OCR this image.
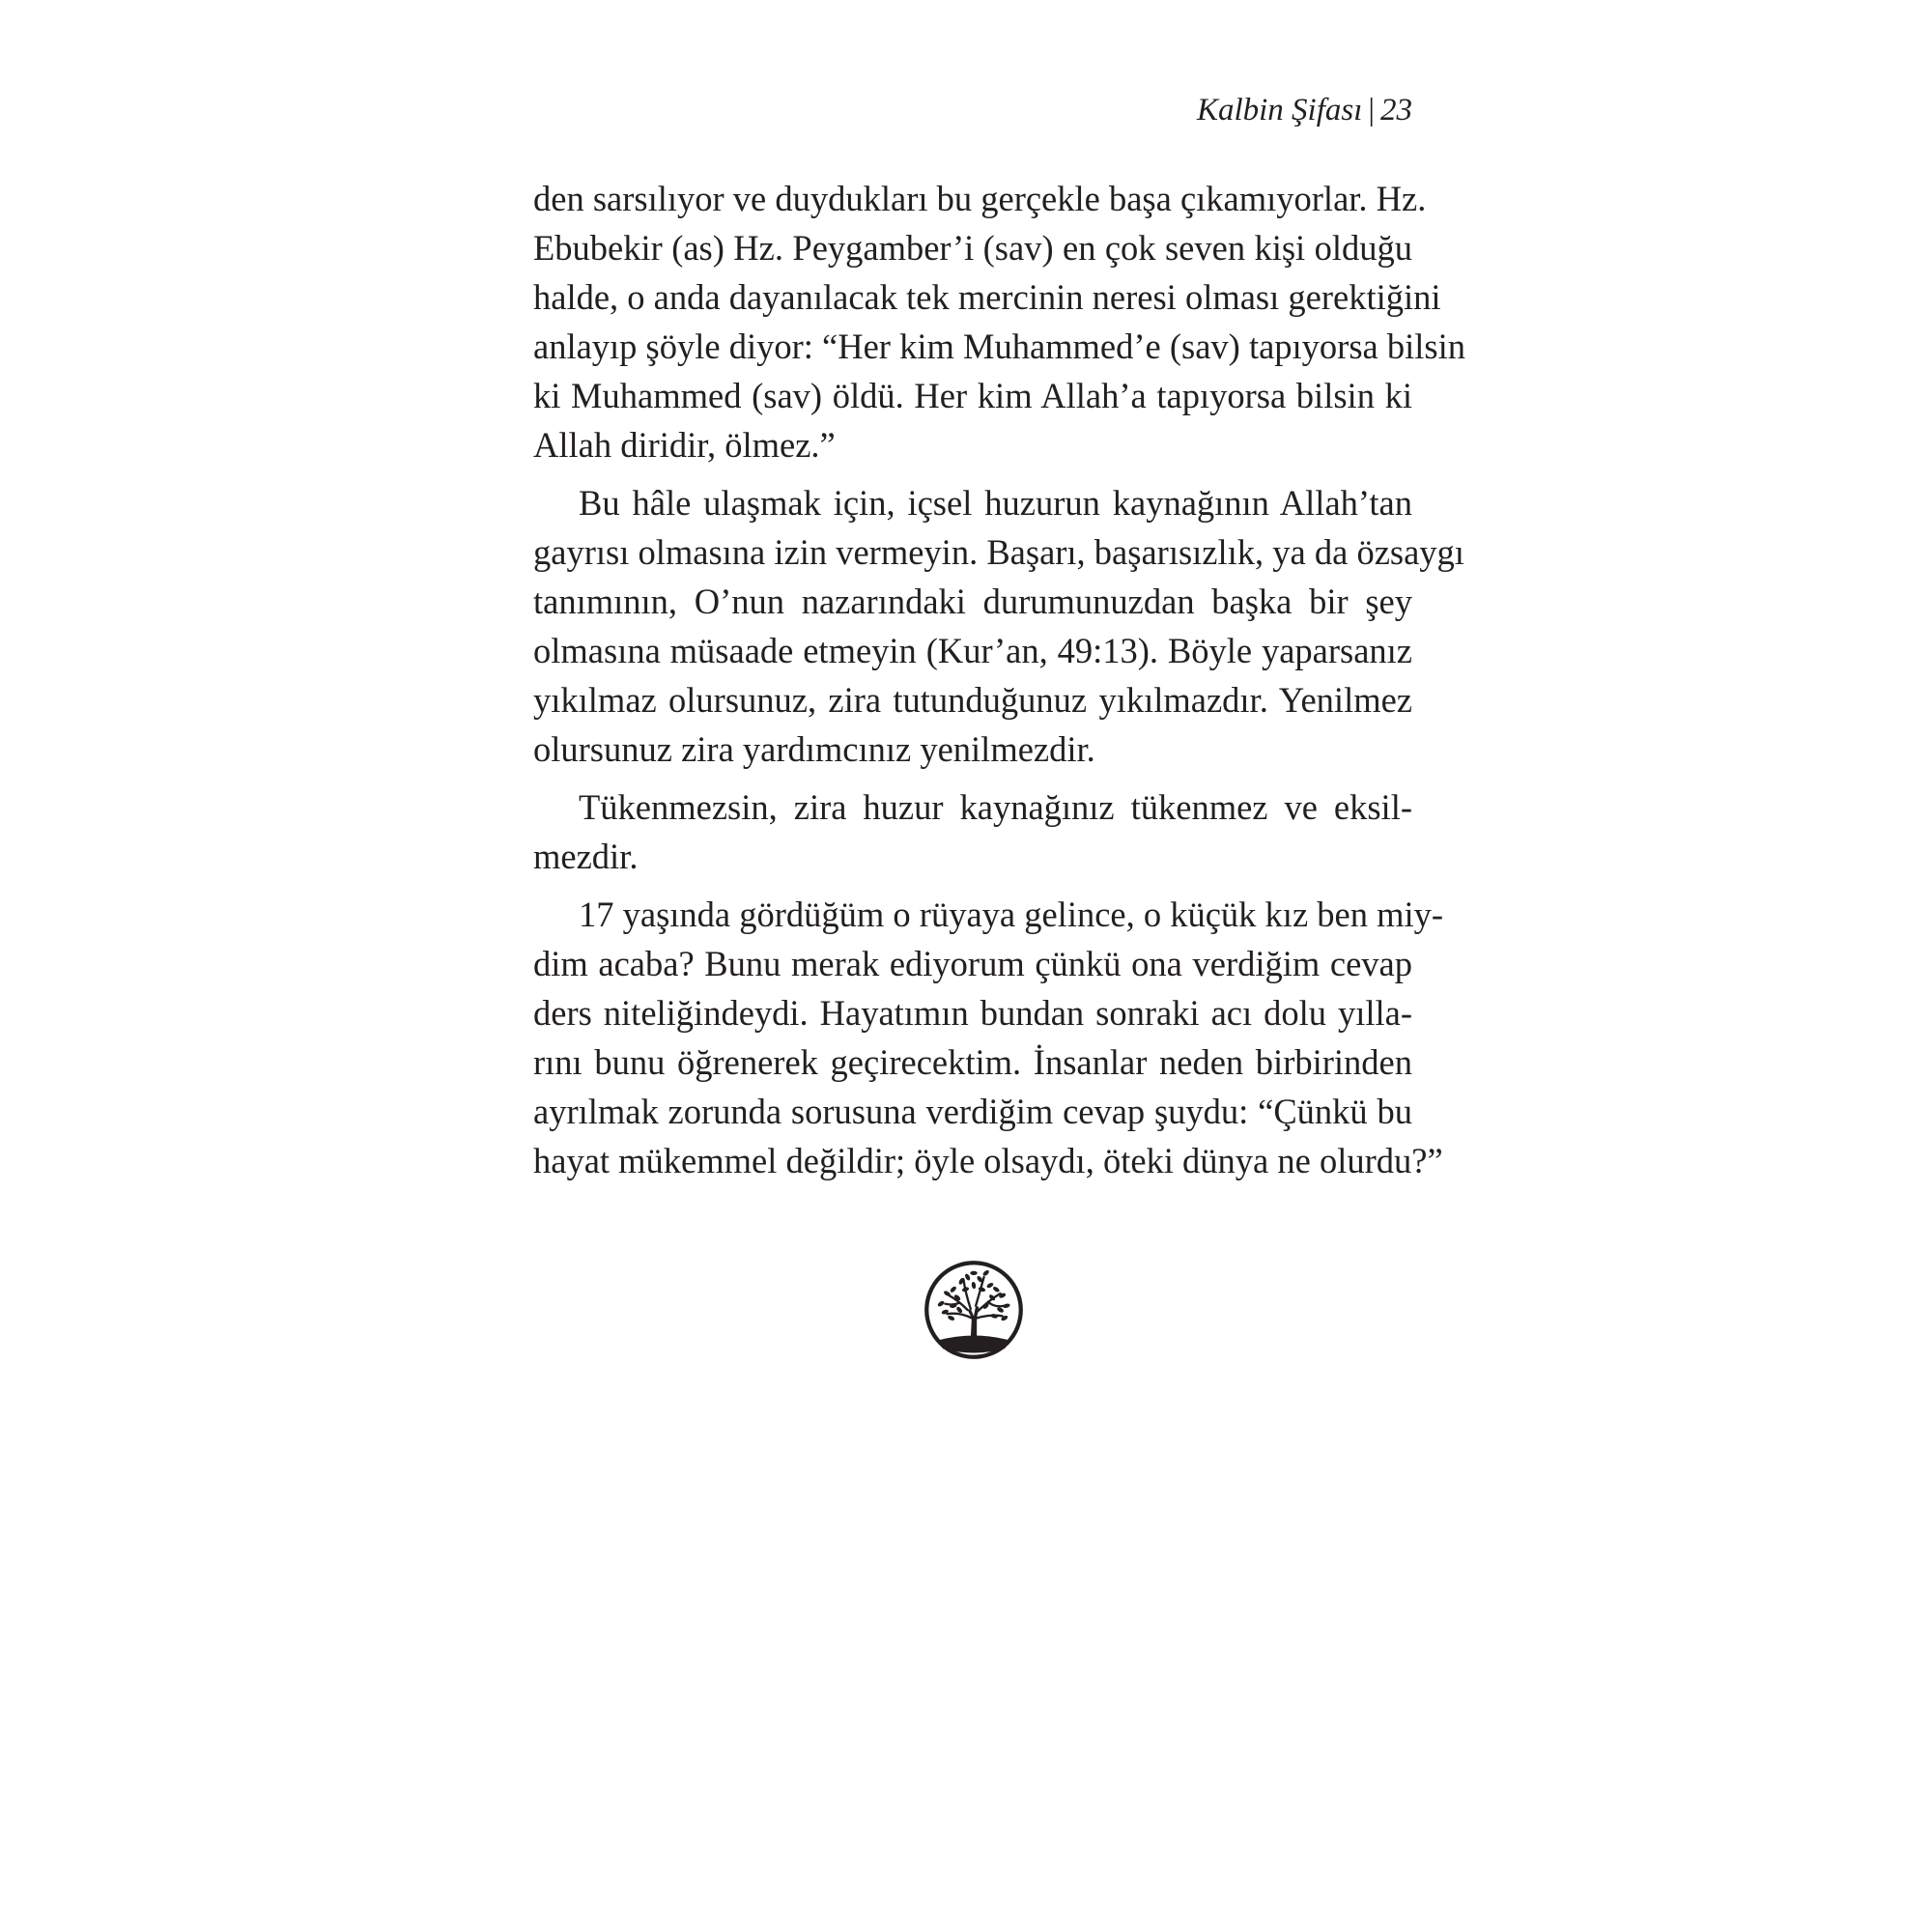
Kalbin Şifası | 23
den sarsılıyor ve duydukları bu gerçekle başa çıkamıyorlar. Hz.
Ebubekir (as) Hz. Peygamber’i (sav) en çok seven kişi olduğu
halde, o anda dayanılacak tek mercinin neresi olması gerektiğini
anlayıp şöyle diyor: “Her kim Muhammed’e (sav) tapıyorsa bilsin
ki Muhammed (sav) öldü. Her kim Allah’a tapıyorsa bilsin ki
Allah diridir, ölmez.”
Bu hâle ulaşmak için, içsel huzurun kaynağının Allah’tan
gayrısı olmasına izin vermeyin. Başarı, başarısızlık, ya da özsaygı
tanımının, O’nun nazarındaki durumunuzdan başka bir şey
olmasına müsaade etmeyin (Kur’an, 49:13). Böyle yaparsanız
yıkılmaz olursunuz, zira tutunduğunuz yıkılmazdır. Yenilmez
olursunuz zira yardımcınız yenilmezdir.
Tükenmezsin, zira huzur kaynağınız tükenmez ve eksil-
mezdir.
17 yaşında gördüğüm o rüyaya gelince, o küçük kız ben miy-
dim acaba? Bunu merak ediyorum çünkü ona verdiğim cevap
ders niteliğindeydi. Hayatımın bundan sonraki acı dolu yılla-
rını bunu öğrenerek geçirecektim. İnsanlar neden birbirinden
ayrılmak zorunda sorusuna verdiğim cevap şuydu: “Çünkü bu
hayat mükemmel değildir; öyle olsaydı, öteki dünya ne olurdu?”
